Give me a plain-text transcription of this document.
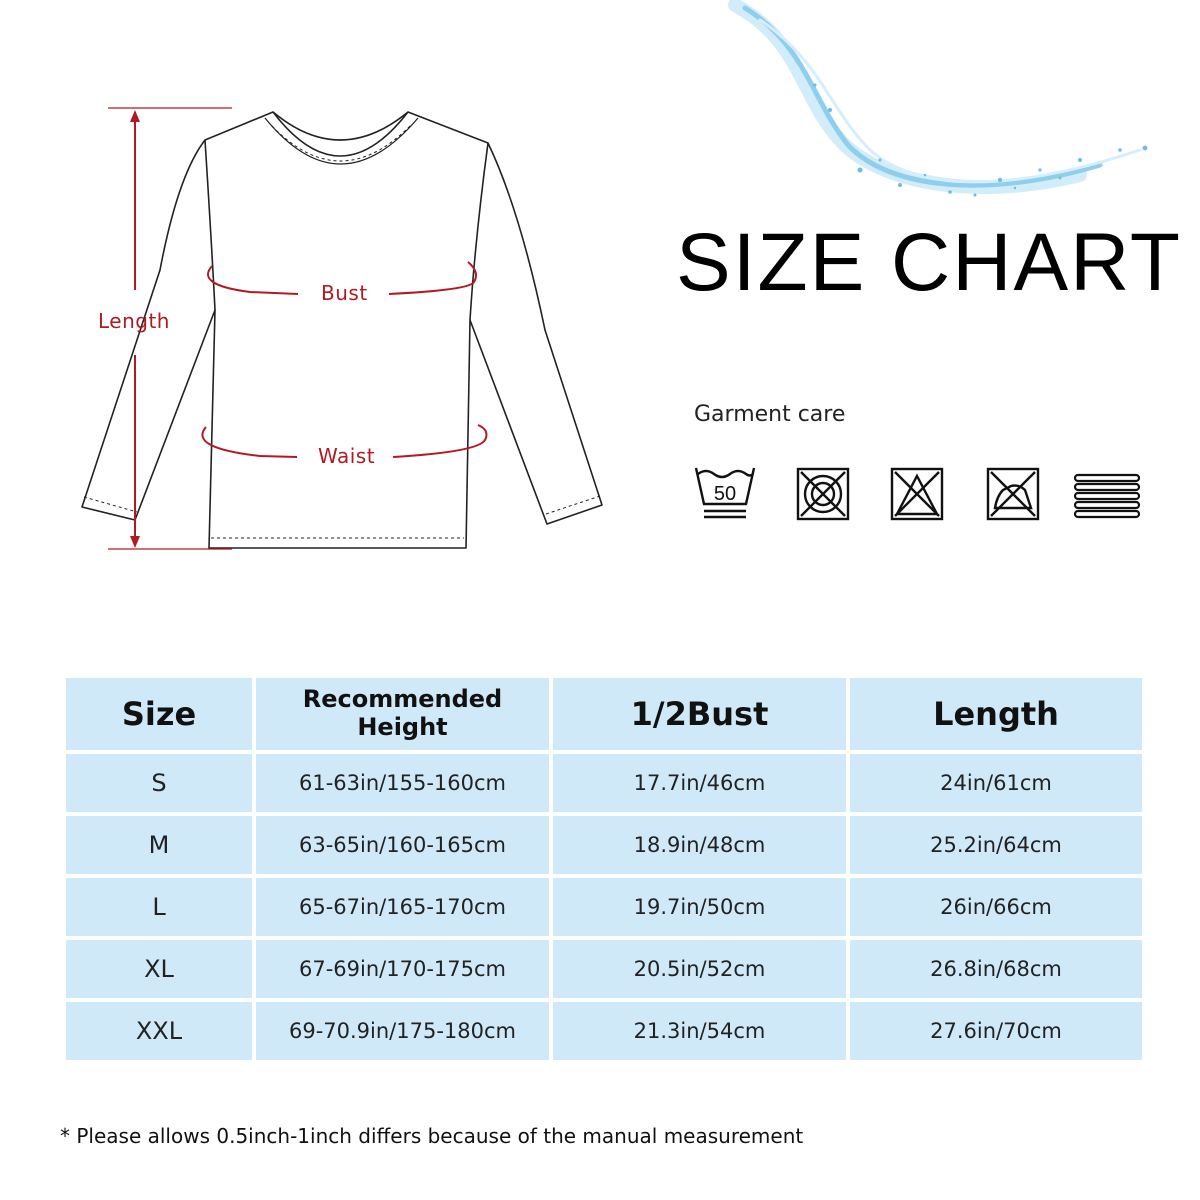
Length
Bust
Waist
SIZE CHART
Garment care
50
Size	Recommended Height	1/2Bust	Length
S	61-63in/155-160cm	17.7in/46cm	24in/61cm
M	63-65in/160-165cm	18.9in/48cm	25.2in/64cm
L	65-67in/165-170cm	19.7in/50cm	26in/66cm
XL	67-69in/170-175cm	20.5in/52cm	26.8in/68cm
XXL	69-70.9in/175-180cm	21.3in/54cm	27.6in/70cm
* Please allows 0.5inch-1inch differs because of the manual measurement
